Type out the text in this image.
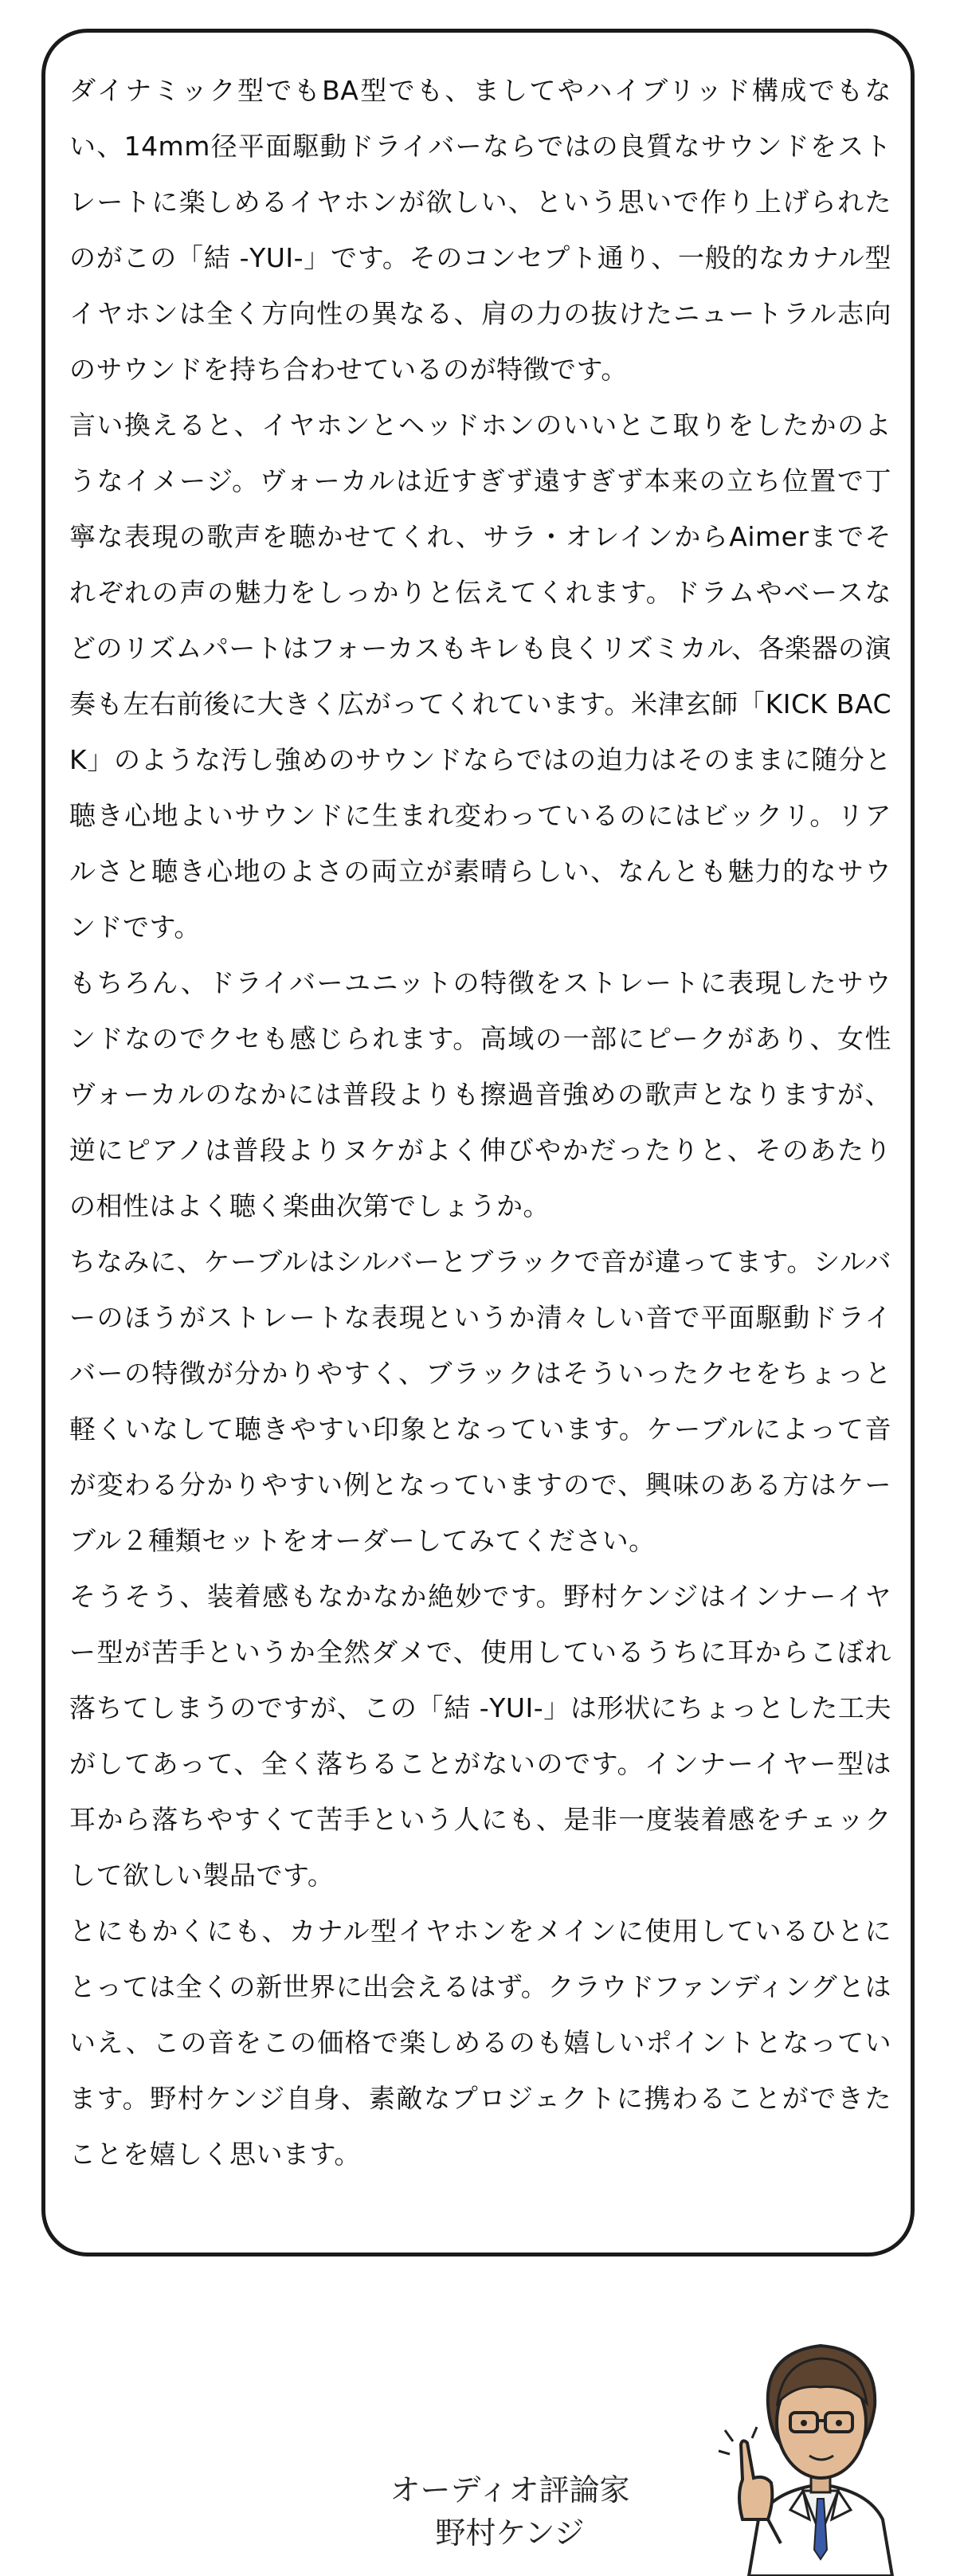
ダイナミック型でもBA型でも、ましてやハイブリッド構成でもない、14mm径平面駆動ドライバーならではの良質なサウンドをストレートに楽しめるイヤホンが欲しい、という思いで作り上げられたのがこの「結 -YUI-」です。そのコンセプト通り、一般的なカナル型イヤホンは全く方向性の異なる、肩の力の抜けたニュートラル志向のサウンドを持ち合わせているのが特徴です。

言い換えると、イヤホンとヘッドホンのいいとこ取りをしたかのようなイメージ。ヴォーカルは近すぎず遠すぎず本来の立ち位置で丁寧な表現の歌声を聴かせてくれ、サラ・オレインからAimerまでそれぞれの声の魅力をしっかりと伝えてくれます。ドラムやベースなどのリズムパートはフォーカスもキレも良くリズミカル、各楽器の演奏も左右前後に大きく広がってくれています。米津玄師「KICK BACK」のような汚し強めのサウンドならではの迫力はそのままに随分と聴き心地よいサウンドに生まれ変わっているのにはビックリ。リアルさと聴き心地のよさの両立が素晴らしい、なんとも魅力的なサウンドです。

もちろん、ドライバーユニットの特徴をストレートに表現したサウンドなのでクセも感じられます。高域の一部にピークがあり、女性ヴォーカルのなかには普段よりも擦過音強めの歌声となりますが、逆にピアノは普段よりヌケがよく伸びやかだったりと、そのあたりの相性はよく聴く楽曲次第でしょうか。

ちなみに、ケーブルはシルバーとブラックで音が違ってます。シルバーのほうがストレートな表現というか清々しい音で平面駆動ドライバーの特徴が分かりやすく、ブラックはそういったクセをちょっと軽くいなして聴きやすい印象となっています。ケーブルによって音が変わる分かりやすい例となっていますので、興味のある方はケーブル２種類セットをオーダーしてみてください。

そうそう、装着感もなかなか絶妙です。野村ケンジはインナーイヤー型が苦手というか全然ダメで、使用しているうちに耳からこぼれ落ちてしまうのですが、この「結 -YUI-」は形状にちょっとした工夫がしてあって、全く落ちることがないのです。インナーイヤー型は耳から落ちやすくて苦手という人にも、是非一度装着感をチェックして欲しい製品です。

とにもかくにも、カナル型イヤホンをメインに使用しているひとにとっては全くの新世界に出会えるはず。クラウドファンディングとはいえ、この音をこの価格で楽しめるのも嬉しいポイントとなっています。野村ケンジ自身、素敵なプロジェクトに携わることができたことを嬉しく思います。

オーディオ評論家
野村ケンジ
